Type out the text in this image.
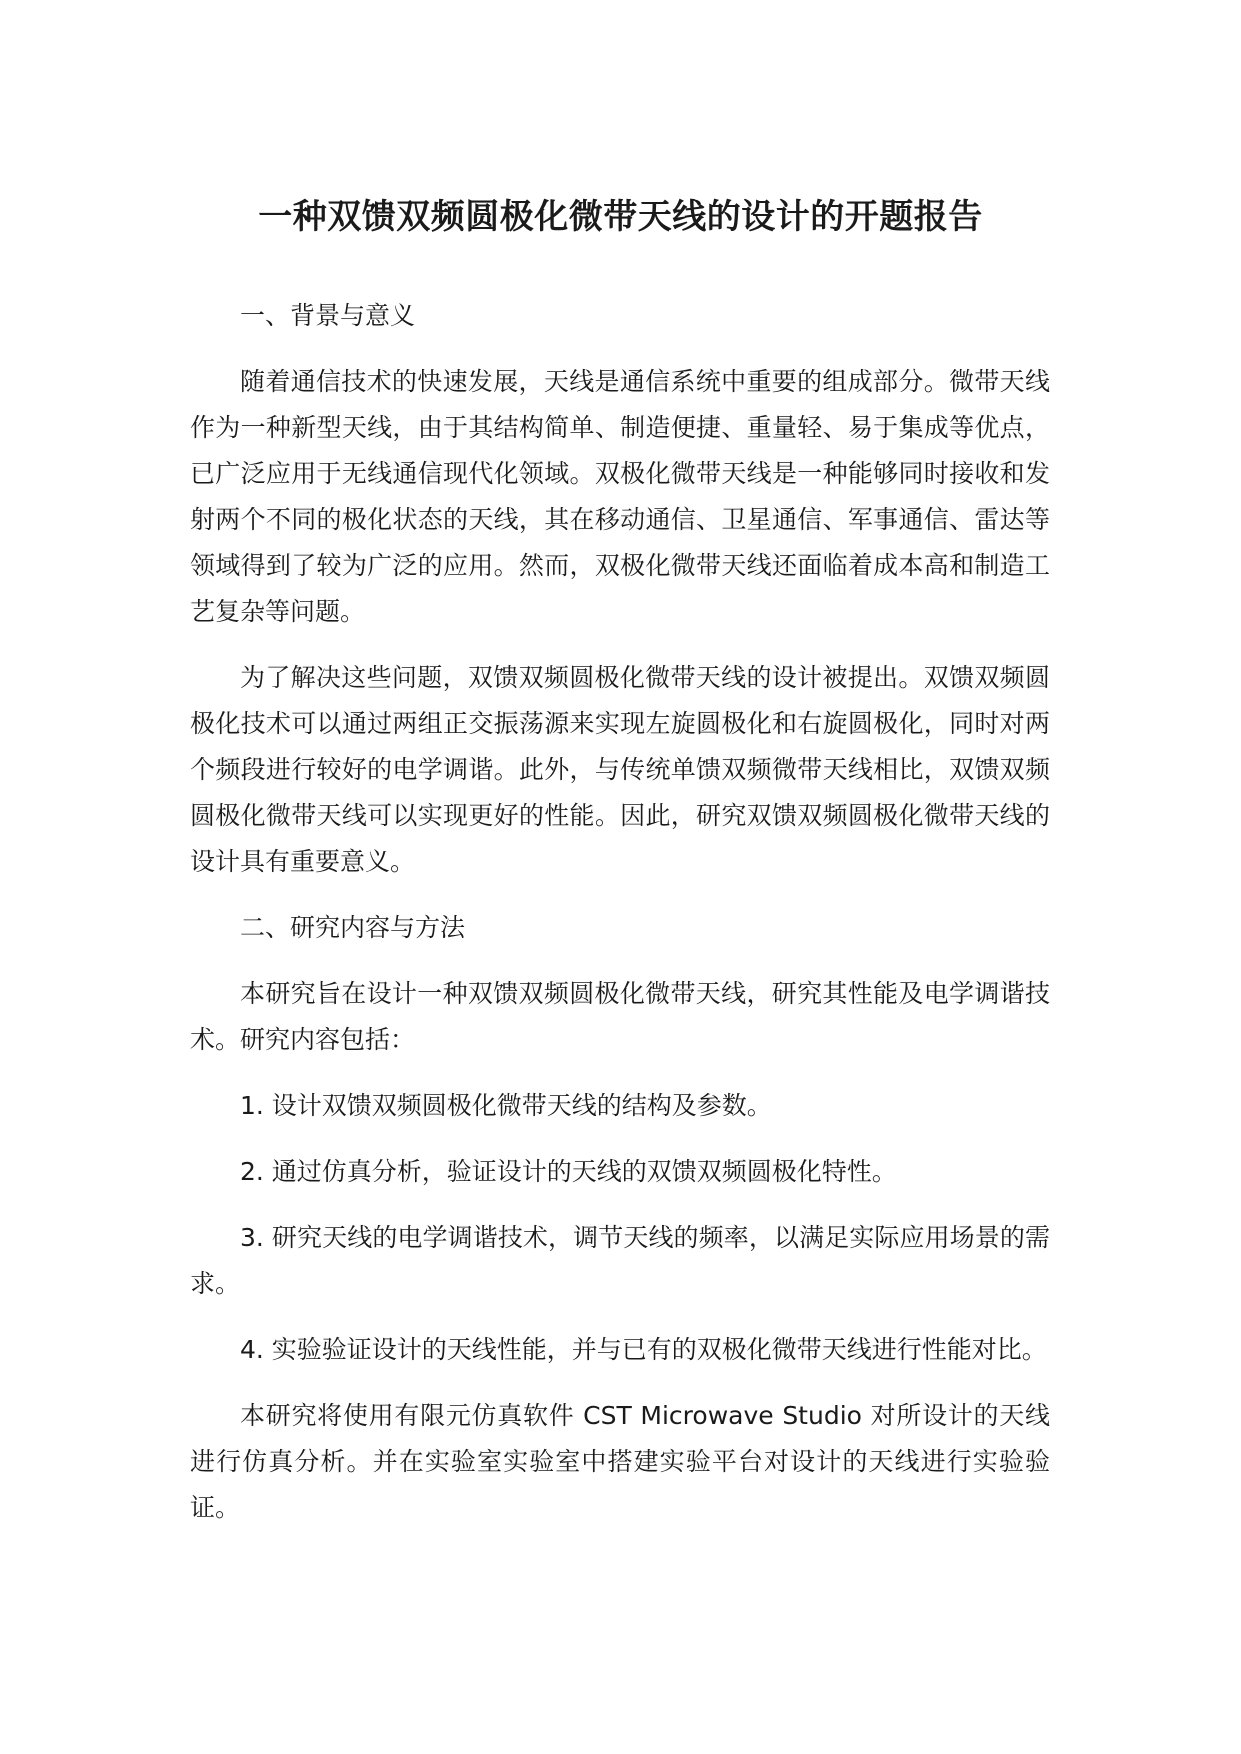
一种双馈双频圆极化微带天线的设计的开题报告

一、背景与意义

随着通信技术的快速发展，天线是通信系统中重要的组成部分。微带天线作为一种新型天线，由于其结构简单、制造便捷、重量轻、易于集成等优点，已广泛应用于无线通信现代化领域。双极化微带天线是一种能够同时接收和发射两个不同的极化状态的天线，其在移动通信、卫星通信、军事通信、雷达等领域得到了较为广泛的应用。然而，双极化微带天线还面临着成本高和制造工艺复杂等问题。

为了解决这些问题，双馈双频圆极化微带天线的设计被提出。双馈双频圆极化技术可以通过两组正交振荡源来实现左旋圆极化和右旋圆极化，同时对两个频段进行较好的电学调谐。此外，与传统单馈双频微带天线相比，双馈双频圆极化微带天线可以实现更好的性能。因此，研究双馈双频圆极化微带天线的设计具有重要意义。

二、研究内容与方法

本研究旨在设计一种双馈双频圆极化微带天线，研究其性能及电学调谐技术。研究内容包括：

1. 设计双馈双频圆极化微带天线的结构及参数。

2. 通过仿真分析，验证设计的天线的双馈双频圆极化特性。

3. 研究天线的电学调谐技术，调节天线的频率，以满足实际应用场景的需求。

4. 实验验证设计的天线性能，并与已有的双极化微带天线进行性能对比。

本研究将使用有限元仿真软件 CST Microwave Studio 对所设计的天线进行仿真分析。并在实验室实验室中搭建实验平台对设计的天线进行实验验证。
